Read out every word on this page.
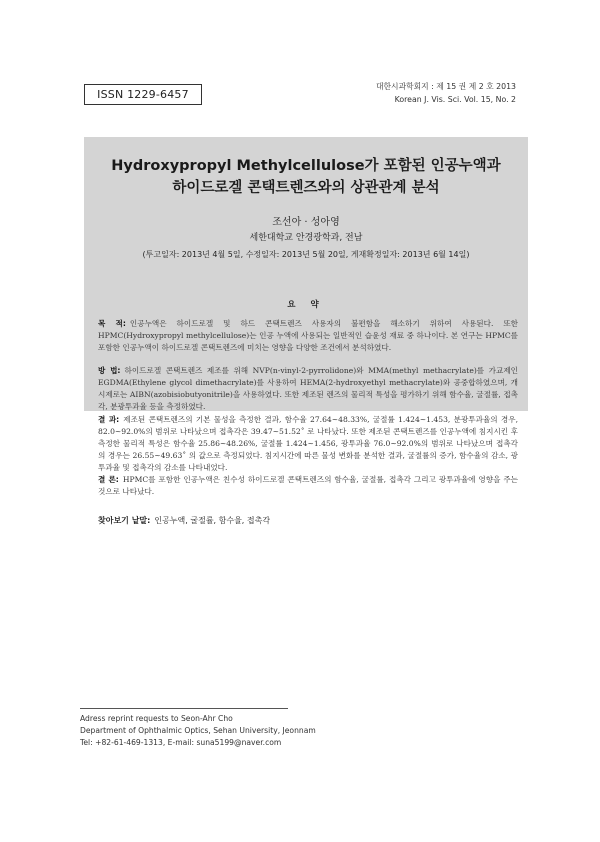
ISSN 1229-6457
대한시과학회지 : 제 15 권 제 2 호 2013
Korean J. Vis. Sci. Vol. 15, No. 2
Hydroxypropyl Methylcellulose가 포함된 인공누액과
하이드로겔 콘택트렌즈와의 상관관계 분석
조선아 · 성아영
세한대학교 안경광학과, 전남
(투고일자: 2013년 4월 5일, 수정일자: 2013년 5월 20일, 게재확정일자: 2013년 6월 14일)
요 약
목 적: 인공누액은 하이드로겔 및 하드 콘택트렌즈 사용자의 불편함을 해소하기 위하여 사용된다. 또한 HPMC(Hydroxypropyl methylcellulose)는 인공 누액에 사용되는 일반적인 습윤성 재료 중 하나이다. 본 연구는 HPMC를 포함한 인공누액이 하이드로겔 콘택트렌즈에 미치는 영향을 다양한 조건에서 분석하였다.
방 법: 하이드로겔 콘택트렌즈 제조를 위해 NVP(n-vinyl-2-pyrrolidone)와 MMA(methyl methacrylate)를 가교제인 EGDMA(Ethylene glycol dimethacrylate)를 사용하여 HEMA(2-hydroxyethyl methacrylate)와 공중합하였으며, 개시제로는 AIBN(azobisiobutyonitrile)을 사용하였다. 또한 제조된 렌즈의 물리적 특성을 평가하기 위해 함수율, 굴절률, 접촉각, 분광투과율 등을 측정하였다.
결 과: 제조된 콘택트렌즈의 기본 물성을 측정한 결과, 함수율 27.64~48.33%, 굴절률 1.424~1.453, 분광투과율의 경우, 82.0~92.0%의 범위로 나타났으며 접촉각은 39.47~51.52˚ 로 나타났다. 또한 제조된 콘택트렌즈를 인공누액에 침지시킨 후 측정한 물리적 특성은 함수율 25.86~48.26%, 굴절률 1.424~1.456, 광투과율 76.0~92.0%의 범위로 나타났으며 접촉각의 경우는 26.55~49.63˚ 의 값으로 측정되었다. 침지시간에 따른 물성 변화를 분석한 결과, 굴절률의 증가, 함수율의 감소, 광투과율 및 접촉각의 감소를 나타내었다.
결 론: HPMC를 포함한 인공누액은 친수성 하이드로겔 콘택트렌즈의 함수율, 굴절률, 접촉각 그리고 광투과율에 영향을 주는 것으로 나타났다.
찾아보기 낱말: 인공누액, 굴절률, 함수율, 접촉각
Adress reprint requests to Seon-Ahr Cho
Department of Ophthalmic Optics, Sehan University, Jeonnam
Tel: +82-61-469-1313, E-mail: suna5199@naver.com
